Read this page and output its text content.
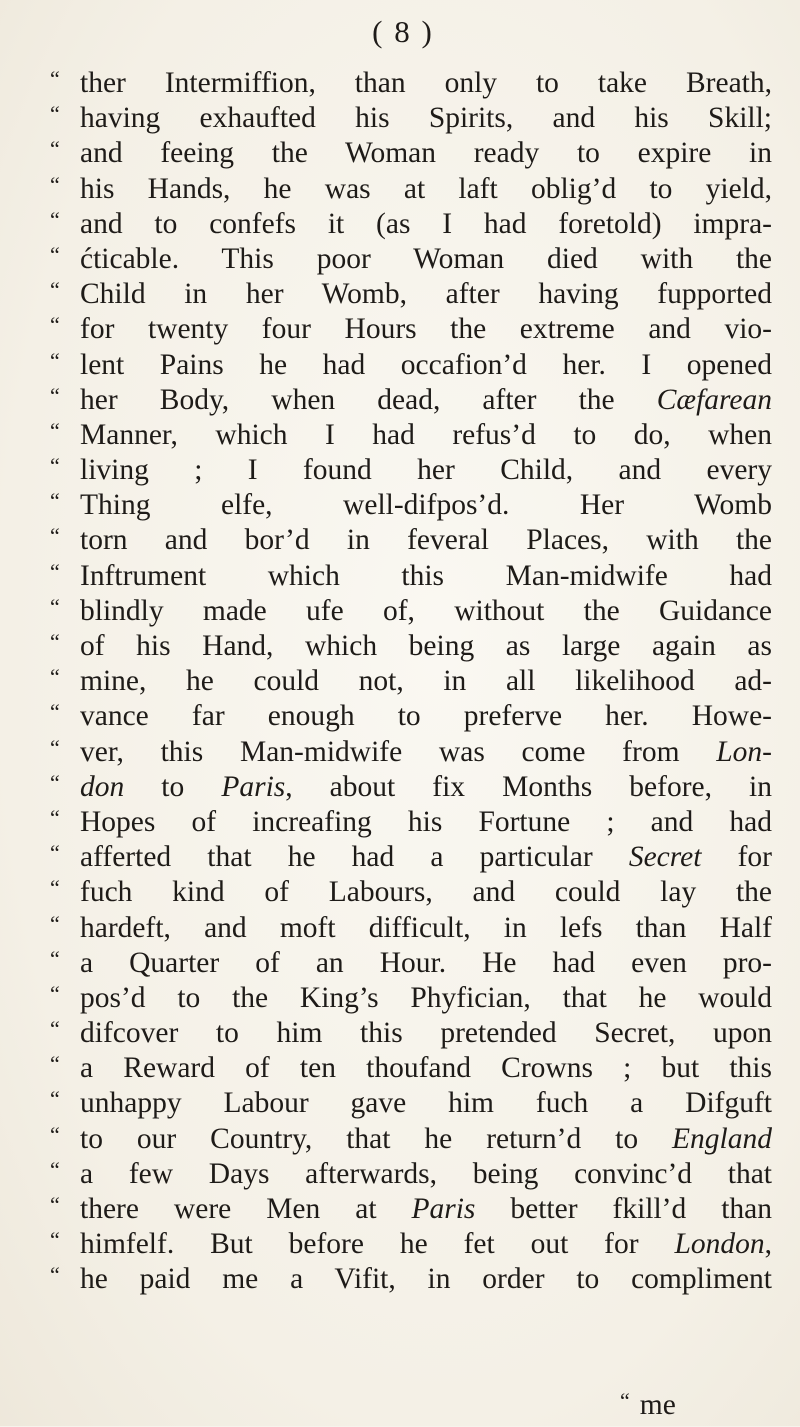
( 8 )
“ ther Intermiffion, than only to take Breath,
“ having exhaufted his Spirits, and his Skill;
“ and feeing the Woman ready to expire in
“ his Hands, he was at laft oblig’d to yield,
“ and to confefs it (as I had foretold) impra-
“ ćticable. This poor Woman died with the
“ Child in her Womb, after having fupported
“ for twenty four Hours the extreme and vio-
“ lent Pains he had occafion’d her. I opened
“ her Body, when dead, after the Cæfarean
“ Manner, which I had refus’d to do, when
“ living ; I found her Child, and every
“ Thing elfe, well-difpos’d. Her Womb
“ torn and bor’d in feveral Places, with the
“ Inftrument which this Man-midwife had
“ blindly made ufe of, without the Guidance
“ of his Hand, which being as large again as
“ mine, he could not, in all likelihood ad-
“ vance far enough to preferve her. Howe-
“ ver, this Man-midwife was come from Lon-
“ don to Paris, about fix Months before, in
“ Hopes of increafing his Fortune ; and had
“ afferted that he had a particular Secret for
“ fuch kind of Labours, and could lay the
“ hardeft, and moft difficult, in lefs than Half
“ a Quarter of an Hour. He had even pro-
“ pos’d to the King’s Phyfician, that he would
“ difcover to him this pretended Secret, upon
“ a Reward of ten thoufand Crowns ; but this
“ unhappy Labour gave him fuch a Difguft
“ to our Country, that he return’d to England
“ a few Days afterwards, being convinc’d that
“ there were Men at Paris better fkill’d than
“ himfelf. But before he fet out for London,
“ he paid me a Vifit, in order to compliment
“ me
